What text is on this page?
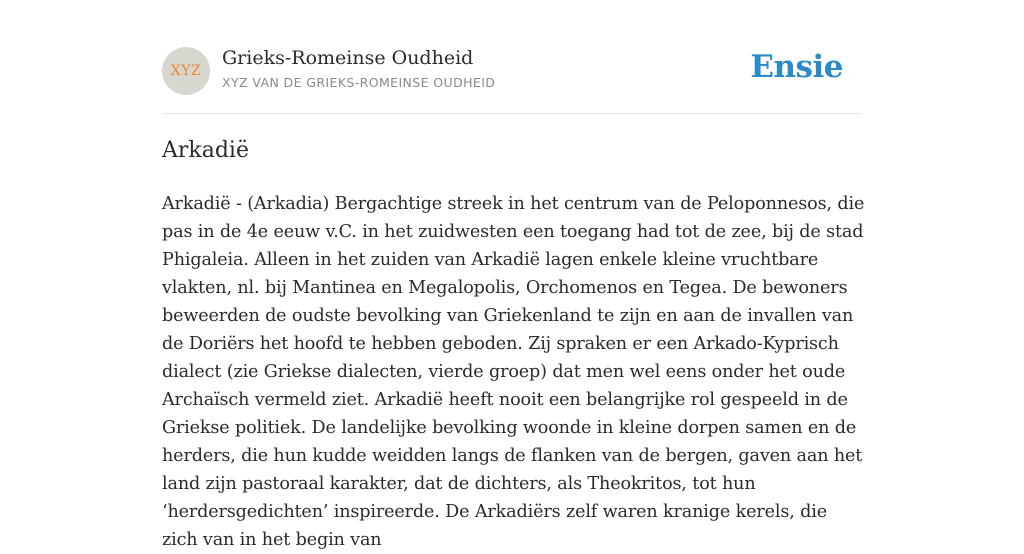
XYZ
Grieks-Romeinse Oudheid
XYZ VAN DE GRIEKS-ROMEINSE OUDHEID	Ensie
Arkadië

Arkadië - (Arkadia) Bergachtige streek in het centrum van de Peloponnesos, die pas in de 4e eeuw v.C. in het zuidwesten een toegang had tot de zee, bij de stad Phigaleia. Alleen in het zuiden van Arkadië lagen enkele kleine vruchtbare vlakten, nl. bij Mantinea en Megalopolis, Orchomenos en Tegea. De bewoners beweerden de oudste bevolking van Griekenland te zijn en aan de invallen van de Doriërs het hoofd te hebben geboden. Zij spraken er een Arkado-Kyprisch dialect (zie Griekse dialecten, vierde groep) dat men wel eens onder het oude Archaïsch vermeld ziet. Arkadië heeft nooit een belangrijke rol gespeeld in de Griekse politiek. De landelijke bevolking woonde in kleine dorpen samen en de herders, die hun kudde weidden langs de flanken van de bergen, gaven aan het land zijn pastoraal karakter, dat de dichters, als Theokritos, tot hun ‘herdersgedichten’ inspireerde. De Arkadiërs zelf waren kranige kerels, die zich van in het begin van
